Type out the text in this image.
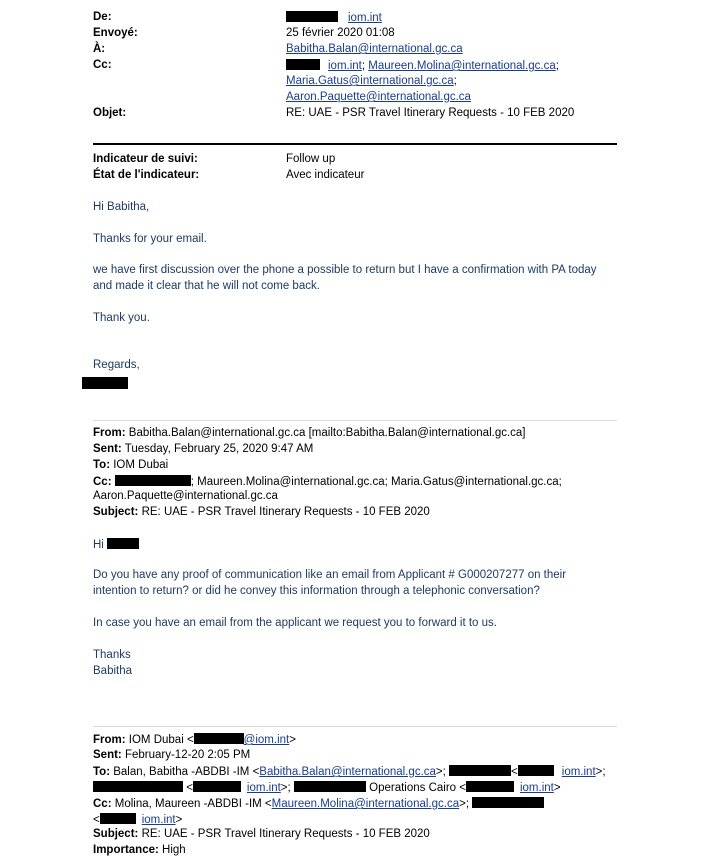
De:	iom.int
Envoyé:	25 février 2020 01:08
À:	Babitha.Balan@international.gc.ca
Cc:	iom.int; Maureen.Molina@international.gc.ca;
Maria.Gatus@international.gc.ca;
Aaron.Paquette@international.gc.ca
Objet:	RE: UAE - PSR Travel Itinerary Requests - 10 FEB 2020
Indicateur de suivi:	Follow up
État de l'indicateur:	Avec indicateur
Hi Babitha,
Thanks for your email.
we have first discussion over the phone a possible to return but I have a confirmation with PA today
and made it clear that he will not come back.
Thank you.
Regards,
From: Babitha.Balan@international.gc.ca [mailto:Babitha.Balan@international.gc.ca]
Sent: Tuesday, February 25, 2020 9:47 AM
To: IOM Dubai
Cc:	; Maureen.Molina@international.gc.ca; Maria.Gatus@international.gc.ca;
Aaron.Paquette@international.gc.ca
Subject: RE: UAE - PSR Travel Itinerary Requests - 10 FEB 2020
Hi
Do you have any proof of communication like an email from Applicant # G000207277 on their
intention to return? or did he convey this information through a telephonic conversation?
In case you have an email from the applicant we request you to forward it to us.
Thanks
Babitha
From: IOM Dubai <	@iom.int>
Sent: February-12-20 2:05 PM
To: Balan, Babitha -ABDBI -IM <Babitha.Balan@international.gc.ca>;	<	iom.int>;
<	iom.int>;	Operations Cairo <	iom.int>
Cc: Molina, Maureen -ABDBI -IM <Maureen.Molina@international.gc.ca>;
<	iom.int>
Subject: RE: UAE - PSR Travel Itinerary Requests - 10 FEB 2020
Importance: High
